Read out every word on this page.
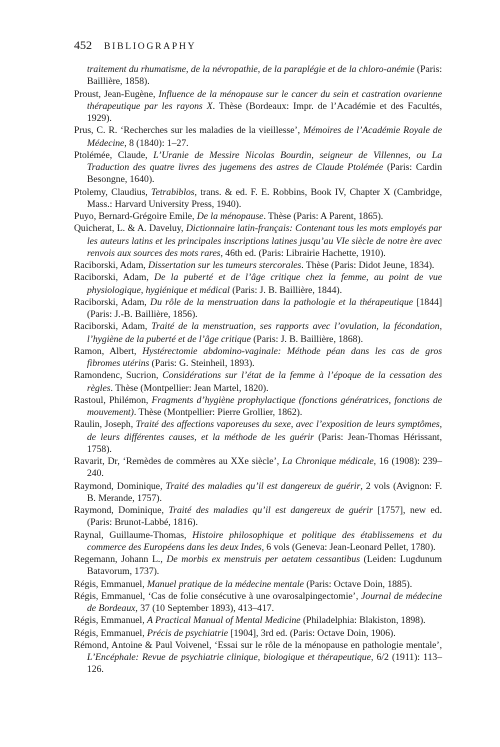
452 BIBLIOGRAPHY

traitement du rhumatisme, de la névropathie, de la paraplégie et de la chloro-anémie (Paris: Baillière, 1858).

Proust, Jean-Eugène, Influence de la ménopause sur le cancer du sein et castration ovarienne thérapeutique par les rayons X. Thèse (Bordeaux: Impr. de l’Académie et des Facultés, 1929).

Prus, C. R. ‘Recherches sur les maladies de la vieillesse’, Mémoires de l’Académie Royale de Médecine, 8 (1840): 1–27.

Ptolémée, Claude, L’Uranie de Messire Nicolas Bourdin, seigneur de Villennes, ou La Traduction des quatre livres des jugemens des astres de Claude Ptolémée (Paris: Cardin Besongne, 1640).

Ptolemy, Claudius, Tetrabiblos, trans. & ed. F. E. Robbins, Book IV, Chapter X (Cambridge, Mass.: Harvard University Press, 1940).

Puyo, Bernard-Grégoire Emile, De la ménopause. Thèse (Paris: A Parent, 1865).

Quicherat, L. & A. Daveluy, Dictionnaire latin-français: Contenant tous les mots employés par les auteurs latins et les principales inscriptions latines jusqu’au VIe siècle de notre ère avec renvois aux sources des mots rares, 46th ed. (Paris: Librairie Hachette, 1910).

Raciborski, Adam, Dissertation sur les tumeurs stercorales. Thèse (Paris: Didot Jeune, 1834).

Raciborski, Adam, De la puberté et de l’âge critique chez la femme, au point de vue physiologique, hygiénique et médical (Paris: J. B. Baillière, 1844).

Raciborski, Adam, Du rôle de la menstruation dans la pathologie et la thérapeutique [1844] (Paris: J.-B. Baillière, 1856).

Raciborski, Adam, Traité de la menstruation, ses rapports avec l’ovulation, la fécondation, l’hygiène de la puberté et de l’âge critique (Paris: J. B. Baillière, 1868).

Ramon, Albert, Hystérectomie abdomino-vaginale: Méthode péan dans les cas de gros fibromes utérins (Paris: G. Steinheil, 1893).

Ramondenc, Sucrion, Considérations sur l’état de la femme à l’époque de la cessation des règles. Thèse (Montpellier: Jean Martel, 1820).

Rastoul, Philémon, Fragments d’hygiène prophylactique (fonctions génératrices, fonctions de mouvement). Thèse (Montpellier: Pierre Grollier, 1862).

Raulin, Joseph, Traité des affections vaporeuses du sexe, avec l’exposition de leurs symptômes, de leurs différentes causes, et la méthode de les guérir (Paris: Jean-Thomas Hérissant, 1758).

Ravarit, Dr, ‘Remèdes de commères au XXe siècle’, La Chronique médicale, 16 (1908): 239–240.

Raymond, Dominique, Traité des maladies qu’il est dangereux de guérir, 2 vols (Avignon: F. B. Merande, 1757).

Raymond, Dominique, Traité des maladies qu’il est dangereux de guérir [1757], new ed. (Paris: Brunot-Labbé, 1816).

Raynal, Guillaume-Thomas, Histoire philosophique et politique des établissemens et du commerce des Européens dans les deux Indes, 6 vols (Geneva: Jean-Leonard Pellet, 1780).

Regemann, Johann L., De morbis ex menstruis per aetatem cessantibus (Leiden: Lugdunum Batavorum, 1737).

Régis, Emmanuel, Manuel pratique de la médecine mentale (Paris: Octave Doin, 1885).

Régis, Emmanuel, ‘Cas de folie consécutive à une ovarosalpingectomie’, Journal de médecine de Bordeaux, 37 (10 September 1893), 413–417.

Régis, Emmanuel, A Practical Manual of Mental Medicine (Philadelphia: Blakiston, 1898).

Régis, Emmanuel, Précis de psychiatrie [1904], 3rd ed. (Paris: Octave Doin, 1906).

Rémond, Antoine & Paul Voivenel, ‘Essai sur le rôle de la ménopause en pathologie mentale’, L’Encéphale: Revue de psychiatrie clinique, biologique et thérapeutique, 6/2 (1911): 113–126.
